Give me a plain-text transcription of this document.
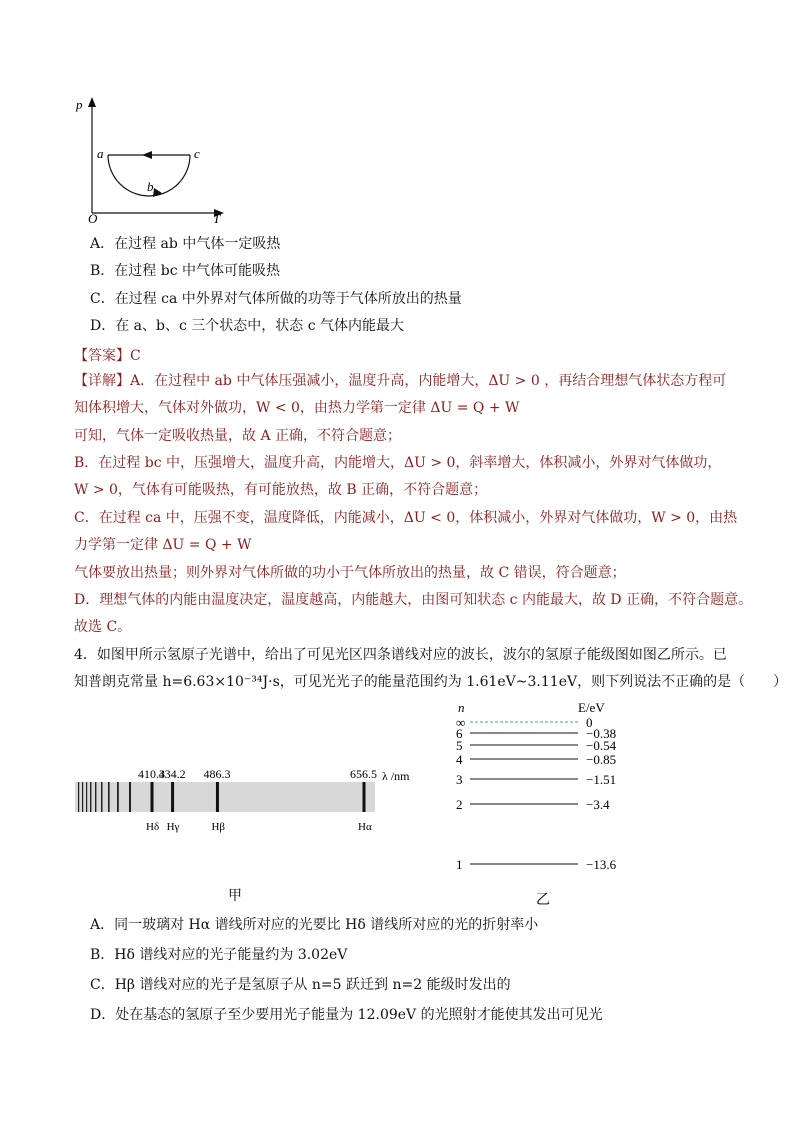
p
T
O
a	c
b
A．在过程 ab 中气体一定吸热
B．在过程 bc 中气体可能吸热
C．在过程 ca 中外界对气体所做的功等于气体所放出的热量
D．在 a、b、c 三个状态中，状态 c 气体内能最大
【答案】C
【详解】A．在过程中 ab 中气体压强减小，温度升高，内能增大，ΔU > 0 ，再结合理想气体状态方程可
知体积增大，气体对外做功，W < 0，由热力学第一定律 ΔU = Q + W
可知，气体一定吸收热量，故 A 正确，不符合题意；
B．在过程 bc 中，压强增大，温度升高，内能增大，ΔU > 0，斜率增大，体积减小，外界对气体做功，
W > 0，气体有可能吸热，有可能放热，故 B 正确，不符合题意；
C．在过程 ca 中，压强不变，温度降低，内能减小，ΔU < 0，体积减小，外界对气体做功，W > 0，由热
力学第一定律 ΔU = Q + W
气体要放出热量；则外界对气体所做的功小于气体所放出的热量，故 C 错误，符合题意；
D．理想气体的内能由温度决定，温度越高，内能越大，由图可知状态 c 内能最大，故 D 正确，不符合题意。
故选 C。
4．如图甲所示氢原子光谱中，给出了可见光区四条谱线对应的波长，波尔的氢原子能级图如图乙所示。已
知普朗克常量 h=6.63×10⁻³⁴J·s，可见光光子的能量范围约为 1.61eV~3.11eV，则下列说法不正确的是（　　）
410.3
Hδ
434.2
Hγ
486.3
Hβ
656.5
Hα
λ /nm
甲
n	E/eV
∞	0
6	−0.38
5	−0.54
4	−0.85
3	−1.51
2	−3.4
1	−13.6
乙
A．同一玻璃对 Hα 谱线所对应的光要比 Hδ 谱线所对应的光的折射率小
B．Hδ 谱线对应的光子能量约为 3.02eV
C．Hβ 谱线对应的光子是氢原子从 n=5 跃迁到 n=2 能级时发出的
D．处在基态的氢原子至少要用光子能量为 12.09eV 的光照射才能使其发出可见光
